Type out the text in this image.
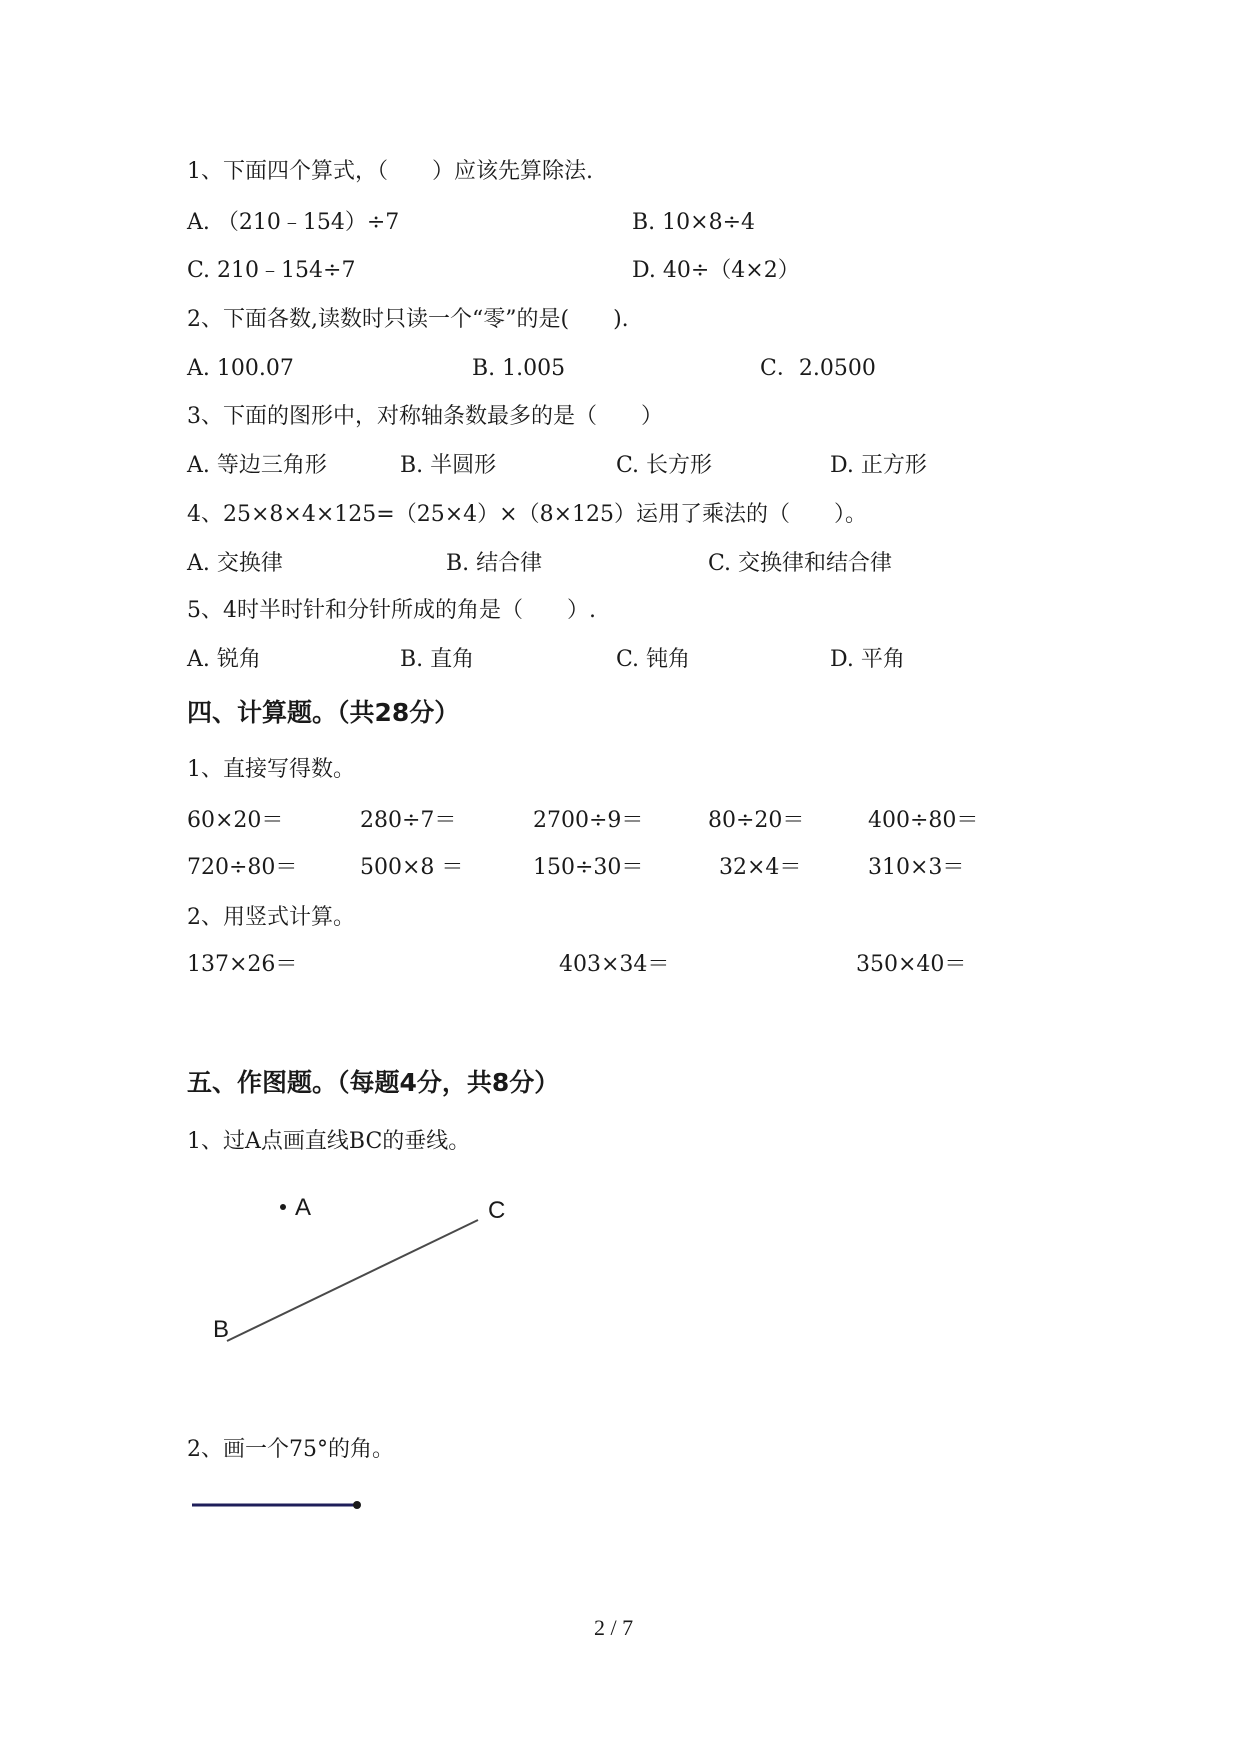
1、下面四个算式，（　　）应该先算除法.
A. （210﹣154）÷7	B. 10×8÷4
C. 210﹣154÷7	D. 40÷（4×2）
2、下面各数,读数时只读一个“零”的是(　　).
A. 100.07	B. 1.005	C．2.0500
3、下面的图形中，对称轴条数最多的是（　　）
A. 等边三角形	B. 半圆形	C. 长方形	D. 正方形
4、25×8×4×125=（25×4）×（8×125）运用了乘法的（　　）。
A. 交换律	B. 结合律	C. 交换律和结合律
5、4时半时针和分针所成的角是（　　）.
A. 锐角	B. 直角	C. 钝角	D. 平角
四、计算题。（共28分）
1、直接写得数。
60×20＝	280÷7＝	2700÷9＝	80÷20＝	400÷80＝
720÷80＝	500×8 ＝	150÷30＝	32×4＝	310×3＝
2、用竖式计算。
137×26＝	403×34＝	350×40＝
五、作图题。（每题4分，共8分）
1、过A点画直线BC的垂线。
A	C
B
2、画一个75°的角。
2 / 7
